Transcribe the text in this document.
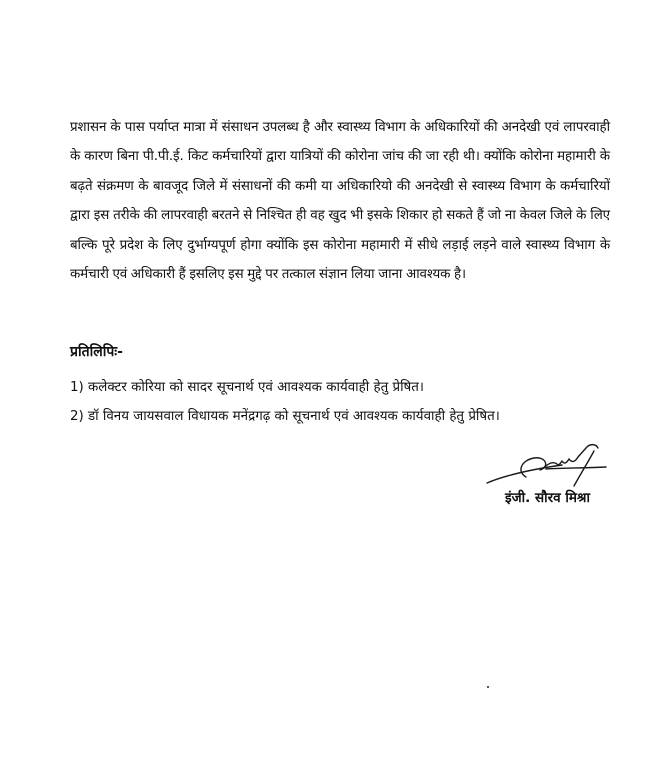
प्रशासन के पास पर्याप्त मात्रा में संसाधन उपलब्ध है और स्वास्थ्य विभाग के अधिकारियों की अनदेखी एवं लापरवाही के कारण बिना पी.पी.ई. किट कर्मचारियों द्वारा यात्रियों की कोरोना जांच की जा रही थी। क्योंकि कोरोना महामारी के बढ़ते संक्रमण के बावजूद जिले में संसाधनों की कमी या अधिकारियो की अनदेखी से स्वास्थ्य विभाग के कर्मचारियों द्वारा इस तरीके की लापरवाही बरतने से निश्चित ही वह खुद भी इसके शिकार हो सकते हैं जो ना केवल जिले के लिए बल्कि पूरे प्रदेश के लिए दुर्भाग्यपूर्ण होगा क्योंकि इस कोरोना महामारी में सीधे लड़ाई लड़ने वाले स्वास्थ्य विभाग के कर्मचारी एवं अधिकारी हैं इसलिए इस मुद्दे पर तत्काल संज्ञान लिया जाना आवश्यक है।

प्रतिलिपिः-

1) कलेक्टर कोरिया को सादर सूचनार्थ एवं आवश्यक कार्यवाही हेतु प्रेषित।
2) डॉ विनय जायसवाल विधायक मनेंद्रगढ़ को सूचनार्थ एवं आवश्यक कार्यवाही हेतु प्रेषित।

इंजी. सौरव मिश्रा
